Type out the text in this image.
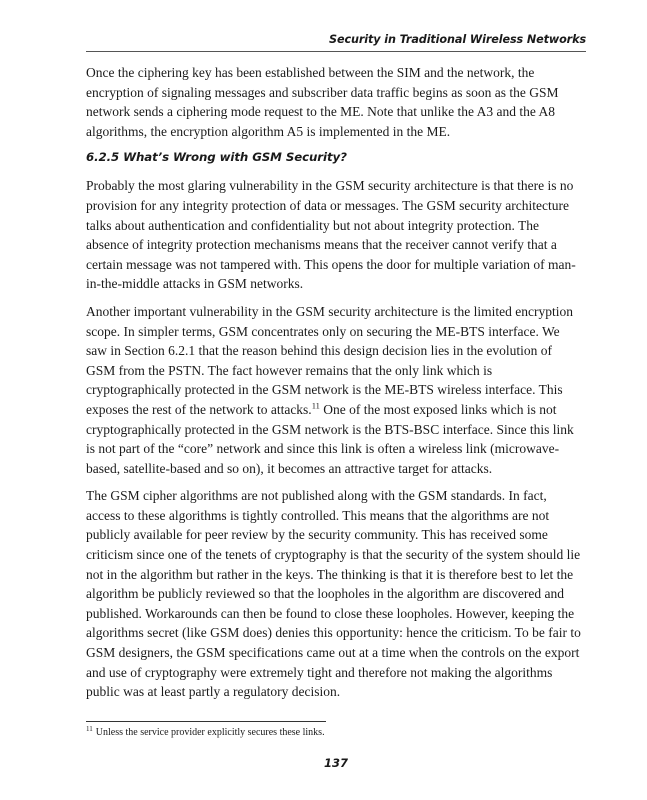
Security in Traditional Wireless Networks

Once the ciphering key has been established between the SIM and the network, the encryption of signaling messages and subscriber data traffic begins as soon as the GSM network sends a ciphering mode request to the ME. Note that unlike the A3 and the A8 algorithms, the encryption algorithm A5 is implemented in the ME.

6.2.5 What’s Wrong with GSM Security?

Probably the most glaring vulnerability in the GSM security architecture is that there is no provision for any integrity protection of data or messages. The GSM security architecture talks about authentication and confidentiality but not about integrity protection. The absence of integrity protection mechanisms means that the receiver cannot verify that a certain message was not tampered with. This opens the door for multiple variation of man-in-the-middle attacks in GSM networks.

Another important vulnerability in the GSM security architecture is the limited encryption scope. In simpler terms, GSM concentrates only on securing the ME-BTS interface. We saw in Section 6.2.1 that the reason behind this design decision lies in the evolution of GSM from the PSTN. The fact however remains that the only link which is cryptographically protected in the GSM network is the ME-BTS wireless interface. This exposes the rest of the network to attacks.$^{11}$ One of the most exposed links which is not cryptographically protected in the GSM network is the BTS-BSC interface. Since this link is not part of the “core” network and since this link is often a wireless link (microwave-based, satellite-based and so on), it becomes an attractive target for attacks.

The GSM cipher algorithms are not published along with the GSM standards. In fact, access to these algorithms is tightly controlled. This means that the algorithms are not publicly available for peer review by the security community. This has received some criticism since one of the tenets of cryptography is that the security of the system should lie not in the algorithm but rather in the keys. The thinking is that it is therefore best to let the algorithm be publicly reviewed so that the loopholes in the algorithm are discovered and published. Workarounds can then be found to close these loopholes. However, keeping the algorithms secret (like GSM does) denies this opportunity: hence the criticism. To be fair to GSM designers, the GSM specifications came out at a time when the controls on the export and use of cryptography were extremely tight and therefore not making the algorithms public was at least partly a regulatory decision.

$^{11}$ Unless the service provider explicitly secures these links.
137
